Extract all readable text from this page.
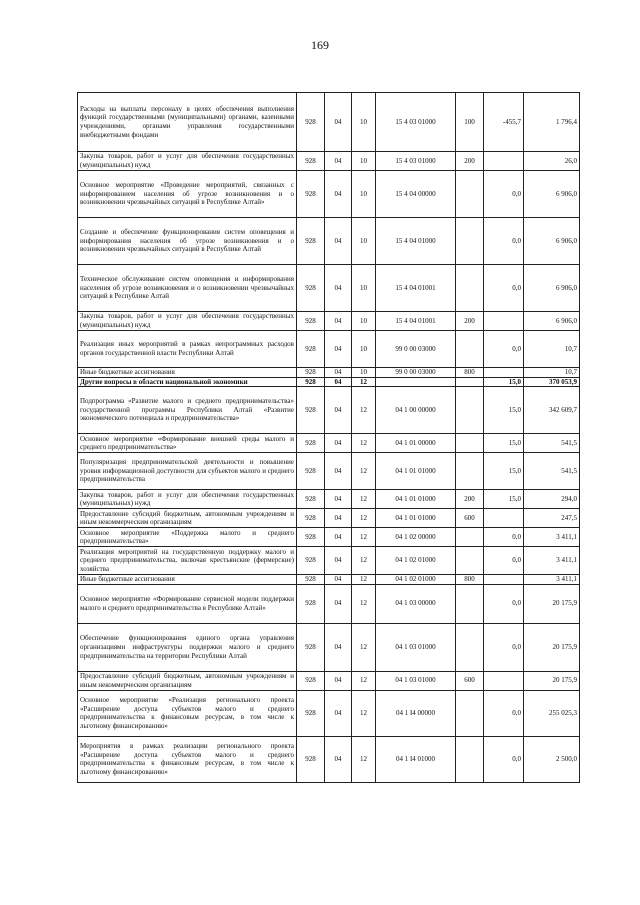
169
Расходы на выплаты персоналу в целях обеспечения выполнения функций государственными (муниципальными) органами, казенными учреждениями, органами управления государственными внебюджетными фондами	928	04	10	15 4 03 01000	100	-455,7	1 796,4
Закупка товаров, работ и услуг для обеспечения государственных (муниципальных) нужд	928	04	10	15 4 03 01000	200		26,0
Основное мероприятие «Проведение мероприятий, связанных с информированием населения об угрозе возникновения и о возникновении чрезвычайных ситуаций в Республике Алтай»	928	04	10	15 4 04 00000		0,0	6 906,0
Создание и обеспечение функционирования систем оповещения и информирования населения об угрозе возникновения и о возникновении чрезвычайных ситуаций в Республике Алтай	928	04	10	15 4 04 01000		0,0	6 906,0
Техническое обслуживание систем оповещения и информирования населения об угрозе возникновения и о возникновении чрезвычайных ситуаций в Республике Алтай	928	04	10	15 4 04 01001		0,0	6 906,0
Закупка товаров, работ и услуг для обеспечения государственных (муниципальных) нужд	928	04	10	15 4 04 01001	200		6 906,0
Реализация иных мероприятий в рамках непрограммных расходов органов государственной власти Республики Алтай	928	04	10	99 0 00 03000		0,0	10,7
Иные бюджетные ассигнования	928	04	10	99 0 00 03000	800		10,7
Другие вопросы в области национальной экономики	928	04	12			15,0	370 053,9
Подпрограмма «Развитие малого и среднего предпринимательства» государственной программы Республики Алтай «Развитие экономического потенциала и предпринимательства»	928	04	12	04 1 00 00000		15,0	342 609,7
Основное мероприятие «Формирование внешней среды малого и среднего предпринимательства»	928	04	12	04 1 01 00000		15,0	541,5
Популяризация предпринимательской деятельности и повышение уровня информационной доступности для субъектов малого и среднего предпринимательства	928	04	12	04 1 01 01000		15,0	541,5
Закупка товаров, работ и услуг для обеспечения государственных (муниципальных) нужд	928	04	12	04 1 01 01000	200	15,0	294,0
Предоставление субсидий бюджетным, автономным учреждениям и иным некоммерческим организациям	928	04	12	04 1 01 01000	600		247,5
Основное мероприятие «Поддержка малого и среднего предпринимательства»	928	04	12	04 1 02 00000		0,0	3 411,1
Реализация мероприятий на государственную поддержку малого и среднего предпринимательства, включая крестьянские (фермерские) хозяйства	928	04	12	04 1 02 01000		0,0	3 411,1
Иные бюджетные ассигнования	928	04	12	04 1 02 01000	800		3 411,1
Основное мероприятие «Формирование сервисной модели поддержки малого и среднего предпринимательства в Республике Алтай»	928	04	12	04 1 03 00000		0,0	20 175,9
Обеспечение функционирования единого органа управления организациями инфраструктуры поддержки малого и среднего предпринимательства на территории Республики Алтай	928	04	12	04 1 03 01000		0,0	20 175,9
Предоставление субсидий бюджетным, автономным учреждениям и иным некоммерческим организациям	928	04	12	04 1 03 01000	600		20 175,9
Основное мероприятие «Реализация регионального проекта «Расширение доступа субъектов малого и среднего предпринимательства к финансовым ресурсам, в том числе к льготному финансированию»	928	04	12	04 1 I4 00000		0,0	255 025,3
Мероприятия в рамках реализации регионального проекта «Расширение доступа субъектов малого и среднего предпринимательства к финансовым ресурсам, в том числе к льготному финансированию»	928	04	12	04 1 I4 01000		0,0	2 500,0
